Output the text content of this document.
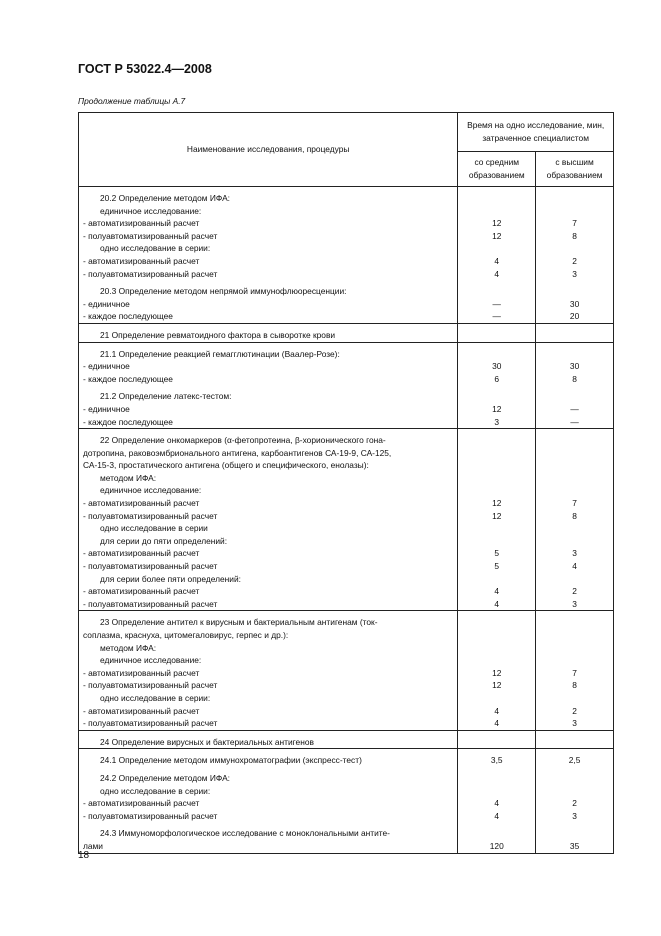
ГОСТ Р 53022.4—2008
Продолжение таблицы А.7
Наименование исследования, процедуры	Время на одно исследование, мин, затраченное специалистом	
	со средним образованием	с высшим образованием

20.2 Определение методом ИФА:		
единичное исследование:		
- автоматизированный расчет	12	7
- полуавтоматизированный расчет	12	8
одно исследование в серии:		
- автоматизированный расчет	4	2
- полуавтоматизированный расчет	4	3

20.3 Определение методом непрямой иммунофлюоресценции:		
- единичное	—	30
- каждое последующее	—	20

21 Определение ревматоидного фактора в сыворотке крови		

21.1 Определение реакцией гемагглютинации (Ваалер-Розе):		
- единичное	30	30
- каждое последующее	6	8

21.2 Определение латекс-тестом:		
- единичное	12	—
- каждое последующее	3	—

22 Определение онкомаркеров (α-фетопротеина, β-хорионического гона-		
дотропина, раковоэмбрионального антигена, карбоантигенов СА-19-9, СА-125,		
СА-15-3, простатического антигена (общего и специфического, енолазы):		
методом ИФА:		
единичное исследование:		
- автоматизированный расчет	12	7
- полуавтоматизированный расчет	12	8
одно исследование в серии		
для серии до пяти определений:		
- автоматизированный расчет	5	3
- полуавтоматизированный расчет	5	4
для серии более пяти определений:		
- автоматизированный расчет	4	2
- полуавтоматизированный расчет	4	3

23 Определение антител к вирусным и бактериальным антигенам (ток-		
соплазма, краснуха, цитомегаловирус, герпес и др.):		
методом ИФА:		
единичное исследование:		
- автоматизированный расчет	12	7
- полуавтоматизированный расчет	12	8
одно исследование в серии:		
- автоматизированный расчет	4	2
- полуавтоматизированный расчет	4	3

24 Определение вирусных и бактериальных антигенов		

24.1 Определение методом иммунохроматографии (экспресс-тест)	3,5	2,5

24.2 Определение методом ИФА:		
одно исследование в серии:		
- автоматизированный расчет	4	2
- полуавтоматизированный расчет	4	3

24.3 Иммуноморфологическое исследование с моноклональными антите-		
лами	120	35
18
